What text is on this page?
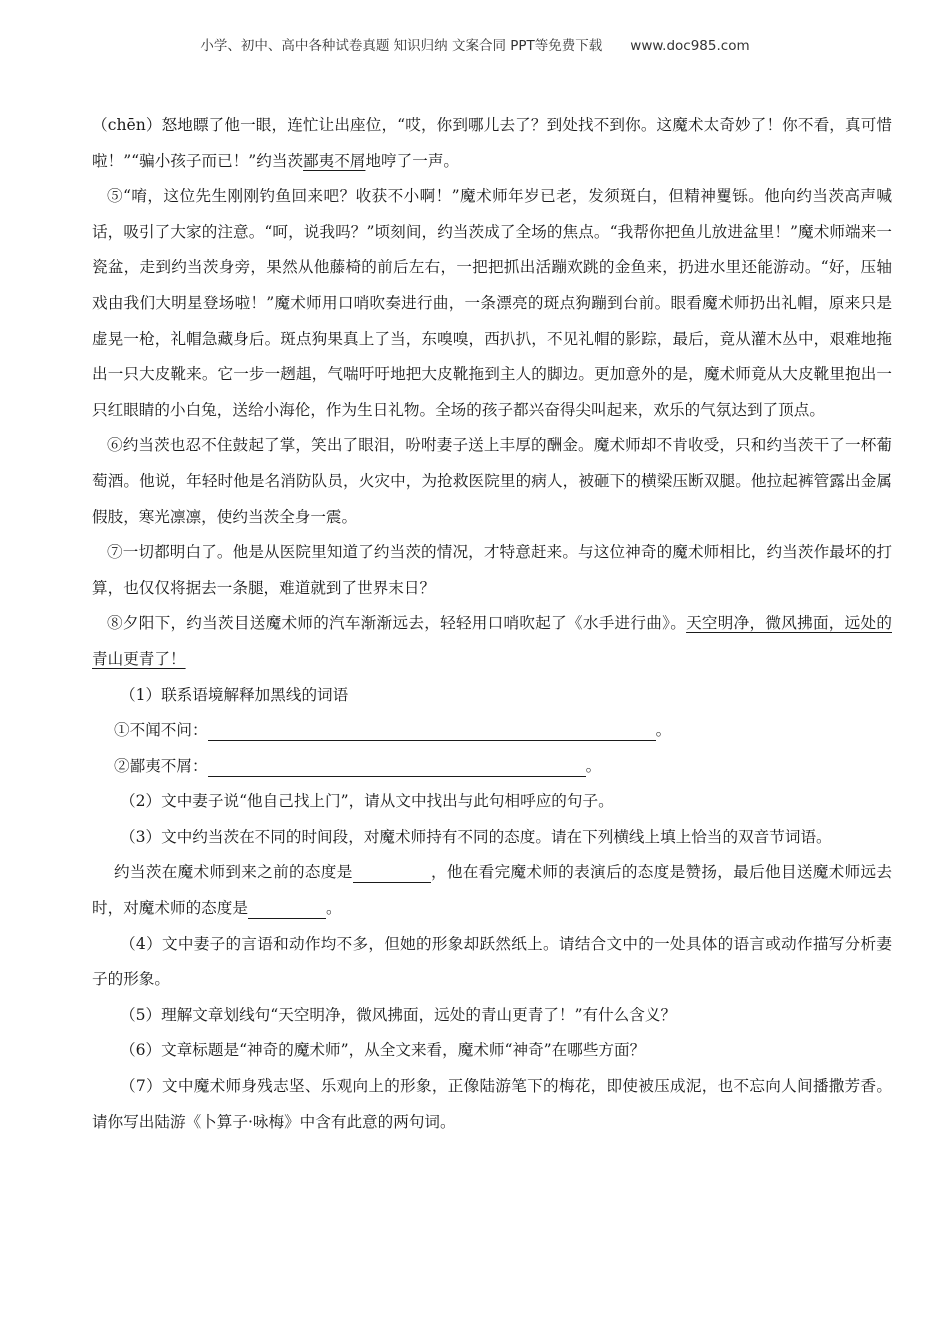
小学、初中、高中各种试卷真题 知识归纳 文案合同 PPT等免费下载 www.doc985.com

（chēn）怒地瞟了他一眼，连忙让出座位，“哎，你到哪儿去了？到处找不到你。这魔术太奇妙了！你不看，真可惜啦！”“骗小孩子而已！”约当茨鄙夷不屑地哼了一声。

⑤“唷，这位先生刚刚钓鱼回来吧？收获不小啊！”魔术师年岁已老，发须斑白，但精神矍铄。他向约当茨高声喊话，吸引了大家的注意。“呵，说我吗？”顷刻间，约当茨成了全场的焦点。“我帮你把鱼儿放进盆里！”魔术师端来一瓷盆，走到约当茨身旁，果然从他藤椅的前后左右，一把把抓出活蹦欢跳的金鱼来，扔进水里还能游动。“好，压轴戏由我们大明星登场啦！”魔术师用口哨吹奏进行曲，一条漂亮的斑点狗蹦到台前。眼看魔术师扔出礼帽，原来只是虚晃一枪，礼帽急藏身后。斑点狗果真上了当，东嗅嗅，西扒扒，不见礼帽的影踪，最后，竟从灌木丛中，艰难地拖出一只大皮靴来。它一步一趔趄，气喘吁吁地把大皮靴拖到主人的脚边。更加意外的是，魔术师竟从大皮靴里抱出一只红眼睛的小白兔，送给小海伦，作为生日礼物。全场的孩子都兴奋得尖叫起来，欢乐的气氛达到了顶点。

⑥约当茨也忍不住鼓起了掌，笑出了眼泪，吩咐妻子送上丰厚的酬金。魔术师却不肯收受，只和约当茨干了一杯葡萄酒。他说，年轻时他是名消防队员，火灾中，为抢救医院里的病人，被砸下的横梁压断双腿。他拉起裤管露出金属假肢，寒光凛凛，使约当茨全身一震。

⑦一切都明白了。他是从医院里知道了约当茨的情况，才特意赶来。与这位神奇的魔术师相比，约当茨作最坏的打算，也仅仅将据去一条腿，难道就到了世界末日？

⑧夕阳下，约当茨目送魔术师的汽车渐渐远去，轻轻用口哨吹起了《水手进行曲》。天空明净，微风拂面，远处的青山更青了！

（1）联系语境解释加黑线的词语

①不闻不问：	。

②鄙夷不屑：	。

（2）文中妻子说“他自己找上门”，请从文中找出与此句相呼应的句子。

（3）文中约当茨在不同的时间段，对魔术师持有不同的态度。请在下列横线上填上恰当的双音节词语。

约当茨在魔术师到来之前的态度是	，他在看完魔术师的表演后的态度是赞扬，最后他目送魔术师远去时，对魔术师的态度是	。

（4）文中妻子的言语和动作均不多，但她的形象却跃然纸上。请结合文中的一处具体的语言或动作描写分析妻子的形象。

（5）理解文章划线句“天空明净，微风拂面，远处的青山更青了！”有什么含义？

（6）文章标题是“神奇的魔术师”，从全文来看，魔术师“神奇”在哪些方面？

（7）文中魔术师身残志坚、乐观向上的形象，正像陆游笔下的梅花，即使被压成泥，也不忘向人间播撒芳香。请你写出陆游《卜算子·咏梅》中含有此意的两句词。
